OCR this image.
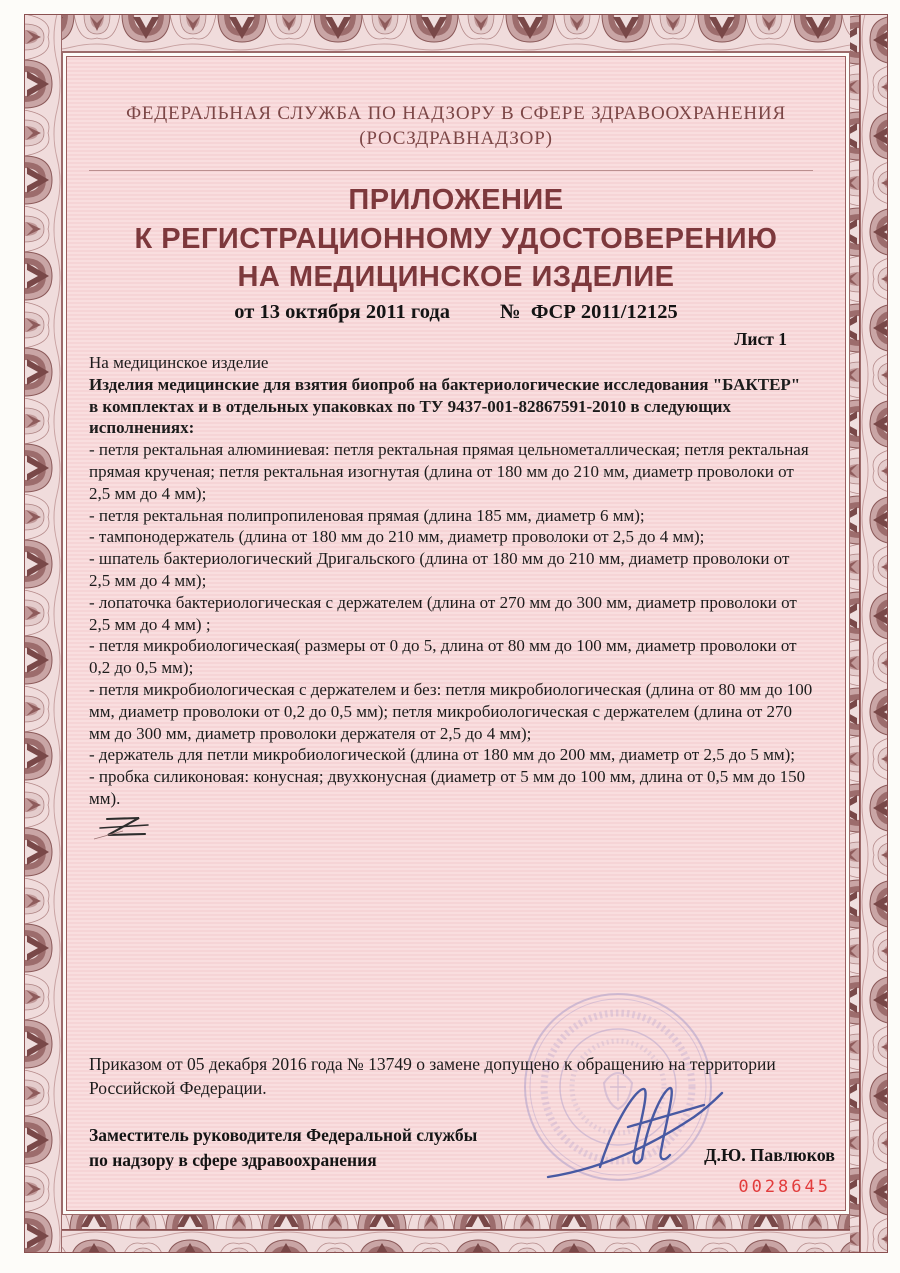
ФЕДЕРАЛЬНАЯ СЛУЖБА ПО НАДЗОРУ В СФЕРЕ ЗДРАВООХРАНЕНИЯ
(РОСЗДРАВНАДЗОР)
ПРИЛОЖЕНИЕ
К РЕГИСТРАЦИОННОМУ УДОСТОВЕРЕНИЮ
НА МЕДИЦИНСКОЕ ИЗДЕЛИЕ
от 13 октября 2011 года №  ФСР 2011/12125
Лист 1

На медицинское изделие

Изделия медицинские для взятия биопроб на бактериологические исследования "БАКТЕР" в комплектах и в отдельных упаковках по ТУ 9437-001-82867591-2010 в следующих исполнениях:

- петля ректальная алюминиевая: петля ректальная прямая цельнометаллическая; петля ректальная прямая крученая; петля ректальная изогнутая (длина от 180 мм до 210 мм, диаметр проволоки от 2,5 мм до 4 мм);

- петля ректальная полипропиленовая прямая (длина 185 мм, диаметр 6 мм);

- тампонодержатель (длина от 180 мм до 210 мм, диаметр проволоки от 2,5 до 4 мм);

- шпатель бактериологический Дригальского (длина от 180 мм до 210 мм, диаметр проволоки от 2,5 мм до 4 мм);

- лопаточка бактериологическая с держателем (длина от 270 мм до 300 мм, диаметр проволоки от 2,5 мм до 4 мм) ;

- петля микробиологическая( размеры от 0 до 5, длина от 80 мм до 100 мм, диаметр проволоки от 0,2 до 0,5 мм);

- петля микробиологическая с держателем и без: петля микробиологическая (длина от 80 мм до 100 мм, диаметр проволоки от 0,2 до 0,5 мм); петля микробиологическая с держателем (длина от 270 мм до 300 мм, диаметр проволоки держателя от 2,5 до 4 мм);

- держатель для петли микробиологической (длина от 180 мм до 200 мм, диаметр от 2,5 до 5 мм);

- пробка силиконовая: конусная; двухконусная (диаметр от 5 мм до 100 мм, длина от 0,5 мм до 150 мм).

Приказом от 05 декабря 2016 года № 13749 о замене допущено к обращению на территории Российской Федерации.
Заместитель руководителя Федеральной службы
по надзору в сфере здравоохранения	Д.Ю. Павлюков
0028645
